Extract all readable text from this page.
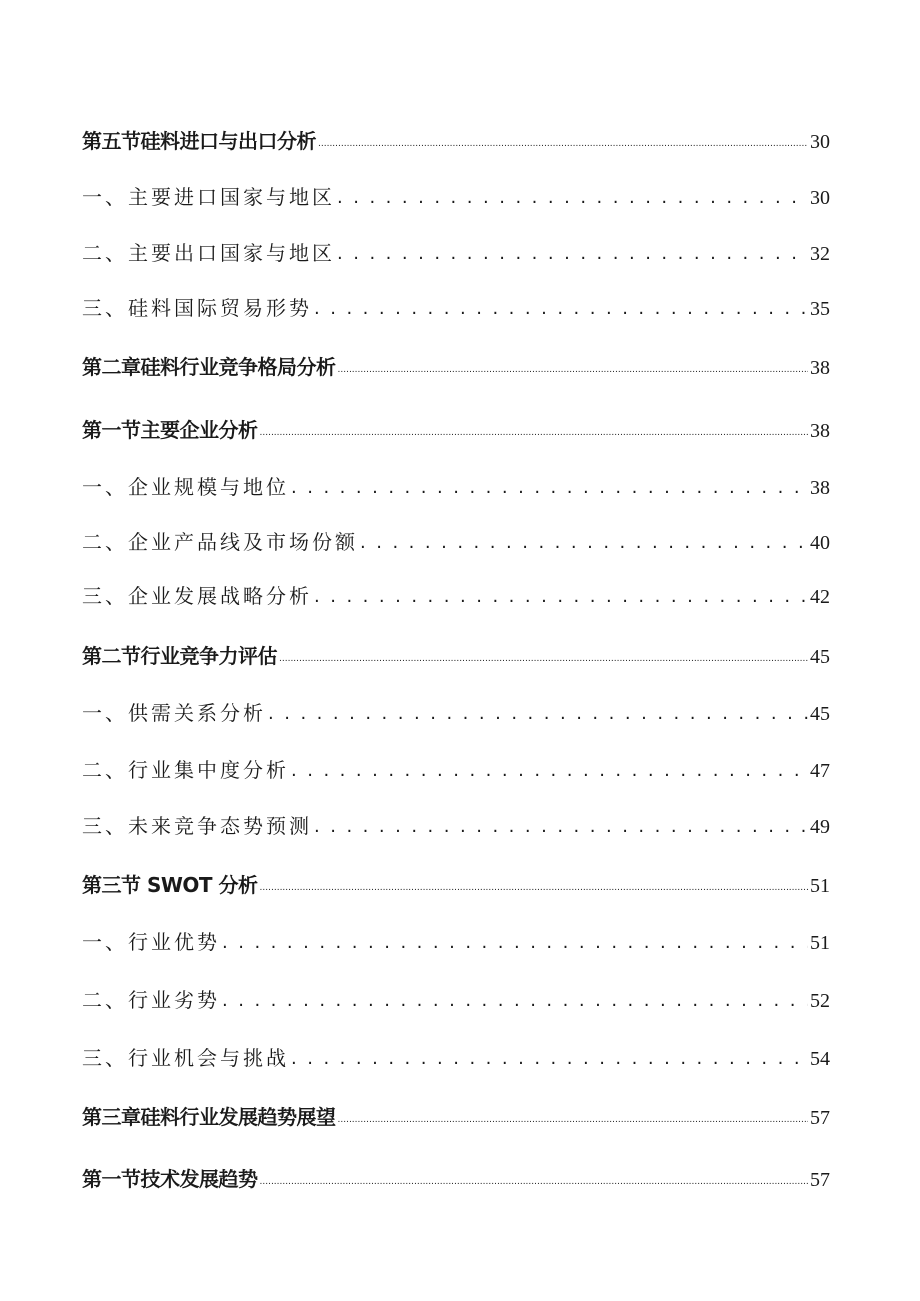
第五节硅料进口与出口分析 .....	30
一、主要进口国家与地区 .....	30
二、主要出口国家与地区 .....	32
三、硅料国际贸易形势 .....	35
第二章硅料行业竞争格局分析 .....	38
第一节主要企业分析 .....	38
一、企业规模与地位 .....	38
二、企业产品线及市场份额 .....	40
三、企业发展战略分析 .....	42
第二节行业竞争力评估 .....	45
一、供需关系分析 .....	45
二、行业集中度分析 .....	47
三、未来竞争态势预测 .....	49
第三节 SWOT 分析 .....	51
一、行业优势 .....	51
二、行业劣势 .....	52
三、行业机会与挑战 .....	54
第三章硅料行业发展趋势展望 .....	57
第一节技术发展趋势 .....	57
